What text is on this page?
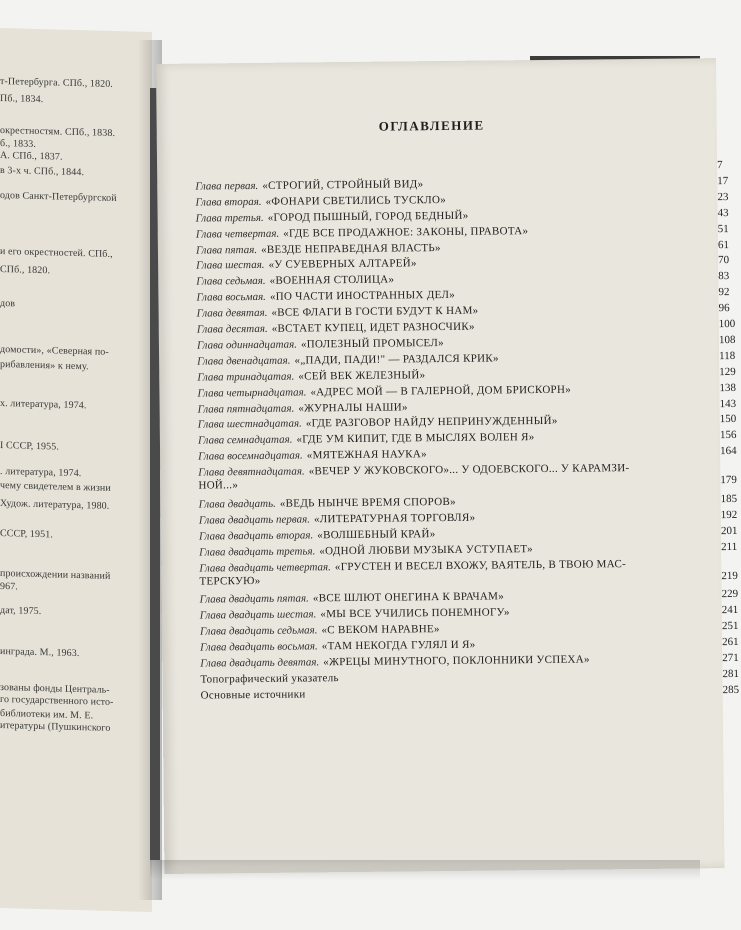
т-Петербурга. СПб., 1820.
Пб., 1834.
окрестностям. СПб., 1838.
б., 1833.
А. СПб., 1837.
в 3-х ч. СПб., 1844.
одов Санкт-Петербургской
и его окрестностей. СПб.,
СПб., 1820.
дов
домости», «Северная по-
рибавления» к нему.
х. литература, 1974.
I СССР, 1955.
. литература, 1974.
чему свидетелем в жизни
Худож. литература, 1980.
СССР, 1951.
происхождении названий
967.
дат, 1975.
инграда. М., 1963.
зованы фонды Централь-
го государственного исто-
библиотеки им. М. Е.
итературы (Пушкинского
ОГЛАВЛЕНИЕ
7
Глава первая. «СТРОГИЙ, СТРОЙНЫЙ ВИД»	17
Глава вторая. «ФОНАРИ СВЕТИЛИСЬ ТУСКЛО»	23
Глава третья. «ГОРОД ПЫШНЫЙ, ГОРОД БЕДНЫЙ»	43
Глава четвертая. «ГДЕ ВСЕ ПРОДАЖНОЕ: ЗАКОНЫ, ПРАВОТА»	51
Глава пятая. «ВЕЗДЕ НЕПРАВЕДНАЯ ВЛАСТЬ»	61
Глава шестая. «У СУЕВЕРНЫХ АЛТАРЕЙ»	70
Глава седьмая. «ВОЕННАЯ СТОЛИЦА»	83
Глава восьмая. «ПО ЧАСТИ ИНОСТРАННЫХ ДЕЛ»	92
Глава девятая. «ВСЕ ФЛАГИ В ГОСТИ БУДУТ К НАМ»	96
Глава десятая. «ВСТАЕТ КУПЕЦ, ИДЕТ РАЗНОСЧИК»	100
Глава одиннадцатая. «ПОЛЕЗНЫЙ ПРОМЫСЕЛ»	108
Глава двенадцатая. «„ПАДИ, ПАДИ!" — РАЗДАЛСЯ КРИК»	118
Глава тринадцатая. «СЕЙ ВЕК ЖЕЛЕЗНЫЙ»	129
Глава четырнадцатая. «АДРЕС МОЙ — В ГАЛЕРНОЙ, ДОМ БРИСКОРН»	138
Глава пятнадцатая. «ЖУРНАЛЫ НАШИ»	143
Глава шестнадцатая. «ГДЕ РАЗГОВОР НАЙДУ НЕПРИНУЖДЕННЫЙ»	150
Глава семнадцатая. «ГДЕ УМ КИПИТ, ГДЕ В МЫСЛЯХ ВОЛЕН Я»	156
Глава восемнадцатая. «МЯТЕЖНАЯ НАУКА»	164
Глава девятнадцатая. «ВЕЧЕР У ЖУКОВСКОГО»... У ОДОЕВСКОГО... У КАРАМЗИ-
НОЙ...»	179
Глава двадцать. «ВЕДЬ НЫНЧЕ ВРЕМЯ СПОРОВ»	185
Глава двадцать первая. «ЛИТЕРАТУРНАЯ ТОРГОВЛЯ»	192
Глава двадцать вторая. «ВОЛШЕБНЫЙ КРАЙ»	201
Глава двадцать третья. «ОДНОЙ ЛЮБВИ МУЗЫКА УСТУПАЕТ»	211
Глава двадцать четвертая. «ГРУСТЕН И ВЕСЕЛ ВХОЖУ, ВАЯТЕЛЬ, В ТВОЮ МАС-
ТЕРСКУЮ»	219
Глава двадцать пятая. «ВСЕ ШЛЮТ ОНЕГИНА К ВРАЧАМ»	229
Глава двадцать шестая. «МЫ ВСЕ УЧИЛИСЬ ПОНЕМНОГУ»	241
Глава двадцать седьмая. «С ВЕКОМ НАРАВНЕ»	251
Глава двадцать восьмая. «ТАМ НЕКОГДА ГУЛЯЛ И Я»	261
Глава двадцать девятая. «ЖРЕЦЫ МИНУТНОГО, ПОКЛОННИКИ УСПЕХА»	271
Топографический указатель	281
Основные источники	285
